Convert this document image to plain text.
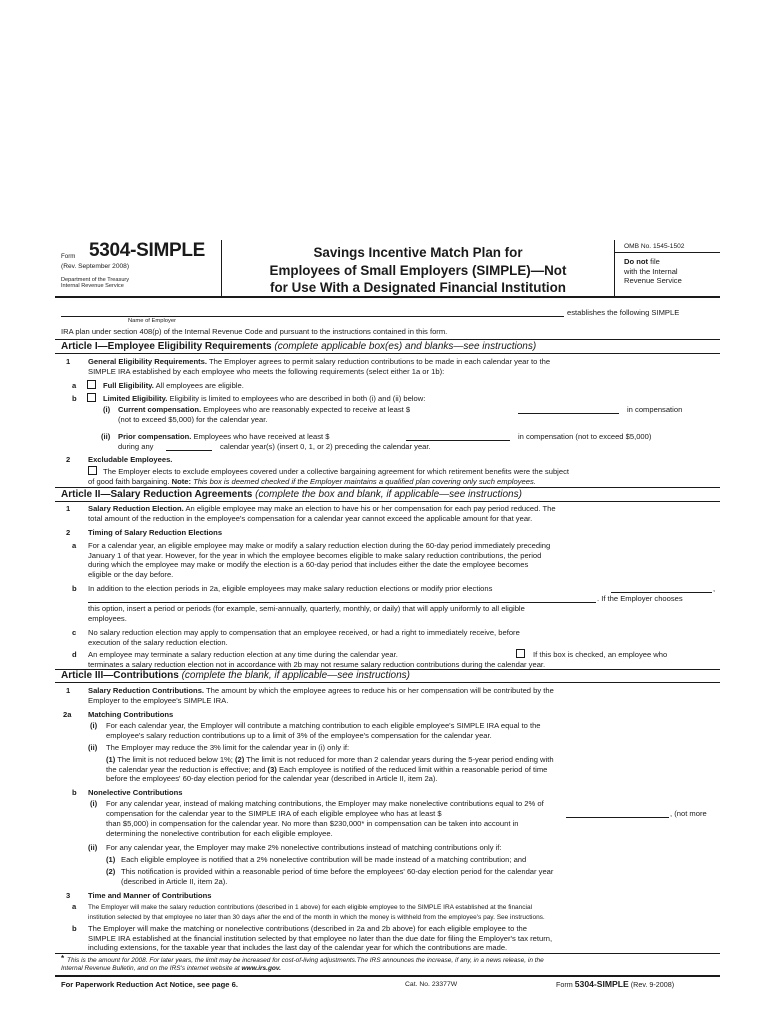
Form 5304-SIMPLE
(Rev. September 2008)
Department of the Treasury
Internal Revenue Service
Savings Incentive Match Plan for
Employees of Small Employers (SIMPLE)—Not
for Use With a Designated Financial Institution
OMB No. 1545-1502
Do not file
with the Internal
Revenue Service
establishes the following SIMPLE
Name of Employer
IRA plan under section 408(p) of the Internal Revenue Code and pursuant to the instructions contained in this form.
Article I—Employee Eligibility Requirements (complete applicable box(es) and blanks—see instructions)
1 General Eligibility Requirements. The Employer agrees to permit salary reduction contributions to be made in each calendar year to the
SIMPLE IRA established by each employee who meets the following requirements (select either 1a or 1b):
a	Full Eligibility. All employees are eligible.
b	Limited Eligibility. Eligibility is limited to employees who are described in both (i) and (ii) below:
(i) Current compensation. Employees who are reasonably expected to receive at least $	in compensation
(not to exceed $5,000) for the calendar year.
(ii) Prior compensation. Employees who have received at least $	in compensation (not to exceed $5,000)
during any	calendar year(s) (insert 0, 1, or 2) preceding the calendar year.
2 Excludable Employees.
The Employer elects to exclude employees covered under a collective bargaining agreement for which retirement benefits were the subject
of good faith bargaining. Note: This box is deemed checked if the Employer maintains a qualified plan covering only such employees.
Article II—Salary Reduction Agreements (complete the box and blank, if applicable—see instructions)
1 Salary Reduction Election. An eligible employee may make an election to have his or her compensation for each pay period reduced. The
total amount of the reduction in the employee's compensation for a calendar year cannot exceed the applicable amount for that year.
2 Timing of Salary Reduction Elections
a For a calendar year, an eligible employee may make or modify a salary reduction election during the 60-day period immediately preceding
January 1 of that year. However, for the year in which the employee becomes eligible to make salary reduction contributions, the period
during which the employee may make or modify the election is a 60-day period that includes either the date the employee becomes
eligible or the day before.
b In addition to the election periods in 2a, eligible employees may make salary reduction elections or modify prior elections	,
. If the Employer chooses
this option, insert a period or periods (for example, semi-annually, quarterly, monthly, or daily) that will apply uniformly to all eligible
employees.
c No salary reduction election may apply to compensation that an employee received, or had a right to immediately receive, before
execution of the salary reduction election.
d An employee may terminate a salary reduction election at any time during the calendar year.	If this box is checked, an employee who
terminates a salary reduction election not in accordance with 2b may not resume salary reduction contributions during the calendar year.
Article III—Contributions (complete the blank, if applicable—see instructions)
1 Salary Reduction Contributions. The amount by which the employee agrees to reduce his or her compensation will be contributed by the
Employer to the employee's SIMPLE IRA.
2a Matching Contributions
(i) For each calendar year, the Employer will contribute a matching contribution to each eligible employee's SIMPLE IRA equal to the
employee's salary reduction contributions up to a limit of 3% of the employee's compensation for the calendar year.
(ii) The Employer may reduce the 3% limit for the calendar year in (i) only if:
(1) The limit is not reduced below 1%; (2) The limit is not reduced for more than 2 calendar years during the 5-year period ending with
the calendar year the reduction is effective; and (3) Each employee is notified of the reduced limit within a reasonable period of time
before the employees' 60-day election period for the calendar year (described in Article II, item 2a).
b Nonelective Contributions
(i) For any calendar year, instead of making matching contributions, the Employer may make nonelective contributions equal to 2% of
compensation for the calendar year to the SIMPLE IRA of each eligible employee who has at least $	, (not more
than $5,000) in compensation for the calendar year. No more than $230,000* in compensation can be taken into account in
determining the nonelective contribution for each eligible employee.
(ii) For any calendar year, the Employer may make 2% nonelective contributions instead of matching contributions only if:
(1) Each eligible employee is notified that a 2% nonelective contribution will be made instead of a matching contribution; and
(2) This notification is provided within a reasonable period of time before the employees' 60-day election period for the calendar year
(described in Article II, item 2a).
3 Time and Manner of Contributions
a The Employer will make the salary reduction contributions (described in 1 above) for each eligible employee to the SIMPLE IRA established at the financial
institution selected by that employee no later than 30 days after the end of the month in which the money is withheld from the employee's pay. See instructions.
b The Employer will make the matching or nonelective contributions (described in 2a and 2b above) for each eligible employee to the
SIMPLE IRA established at the financial institution selected by that employee no later than the due date for filing the Employer's tax return,
including extensions, for the taxable year that includes the last day of the calendar year for which the contributions are made.
* This is the amount for 2008. For later years, the limit may be increased for cost-of-living adjustments.The IRS announces the increase, if any, in a news release, in the
Internal Revenue Bulletin, and on the IRS's internet website at www.irs.gov.
For Paperwork Reduction Act Notice, see page 6.	Cat. No. 23377W	Form 5304-SIMPLE (Rev. 9-2008)
